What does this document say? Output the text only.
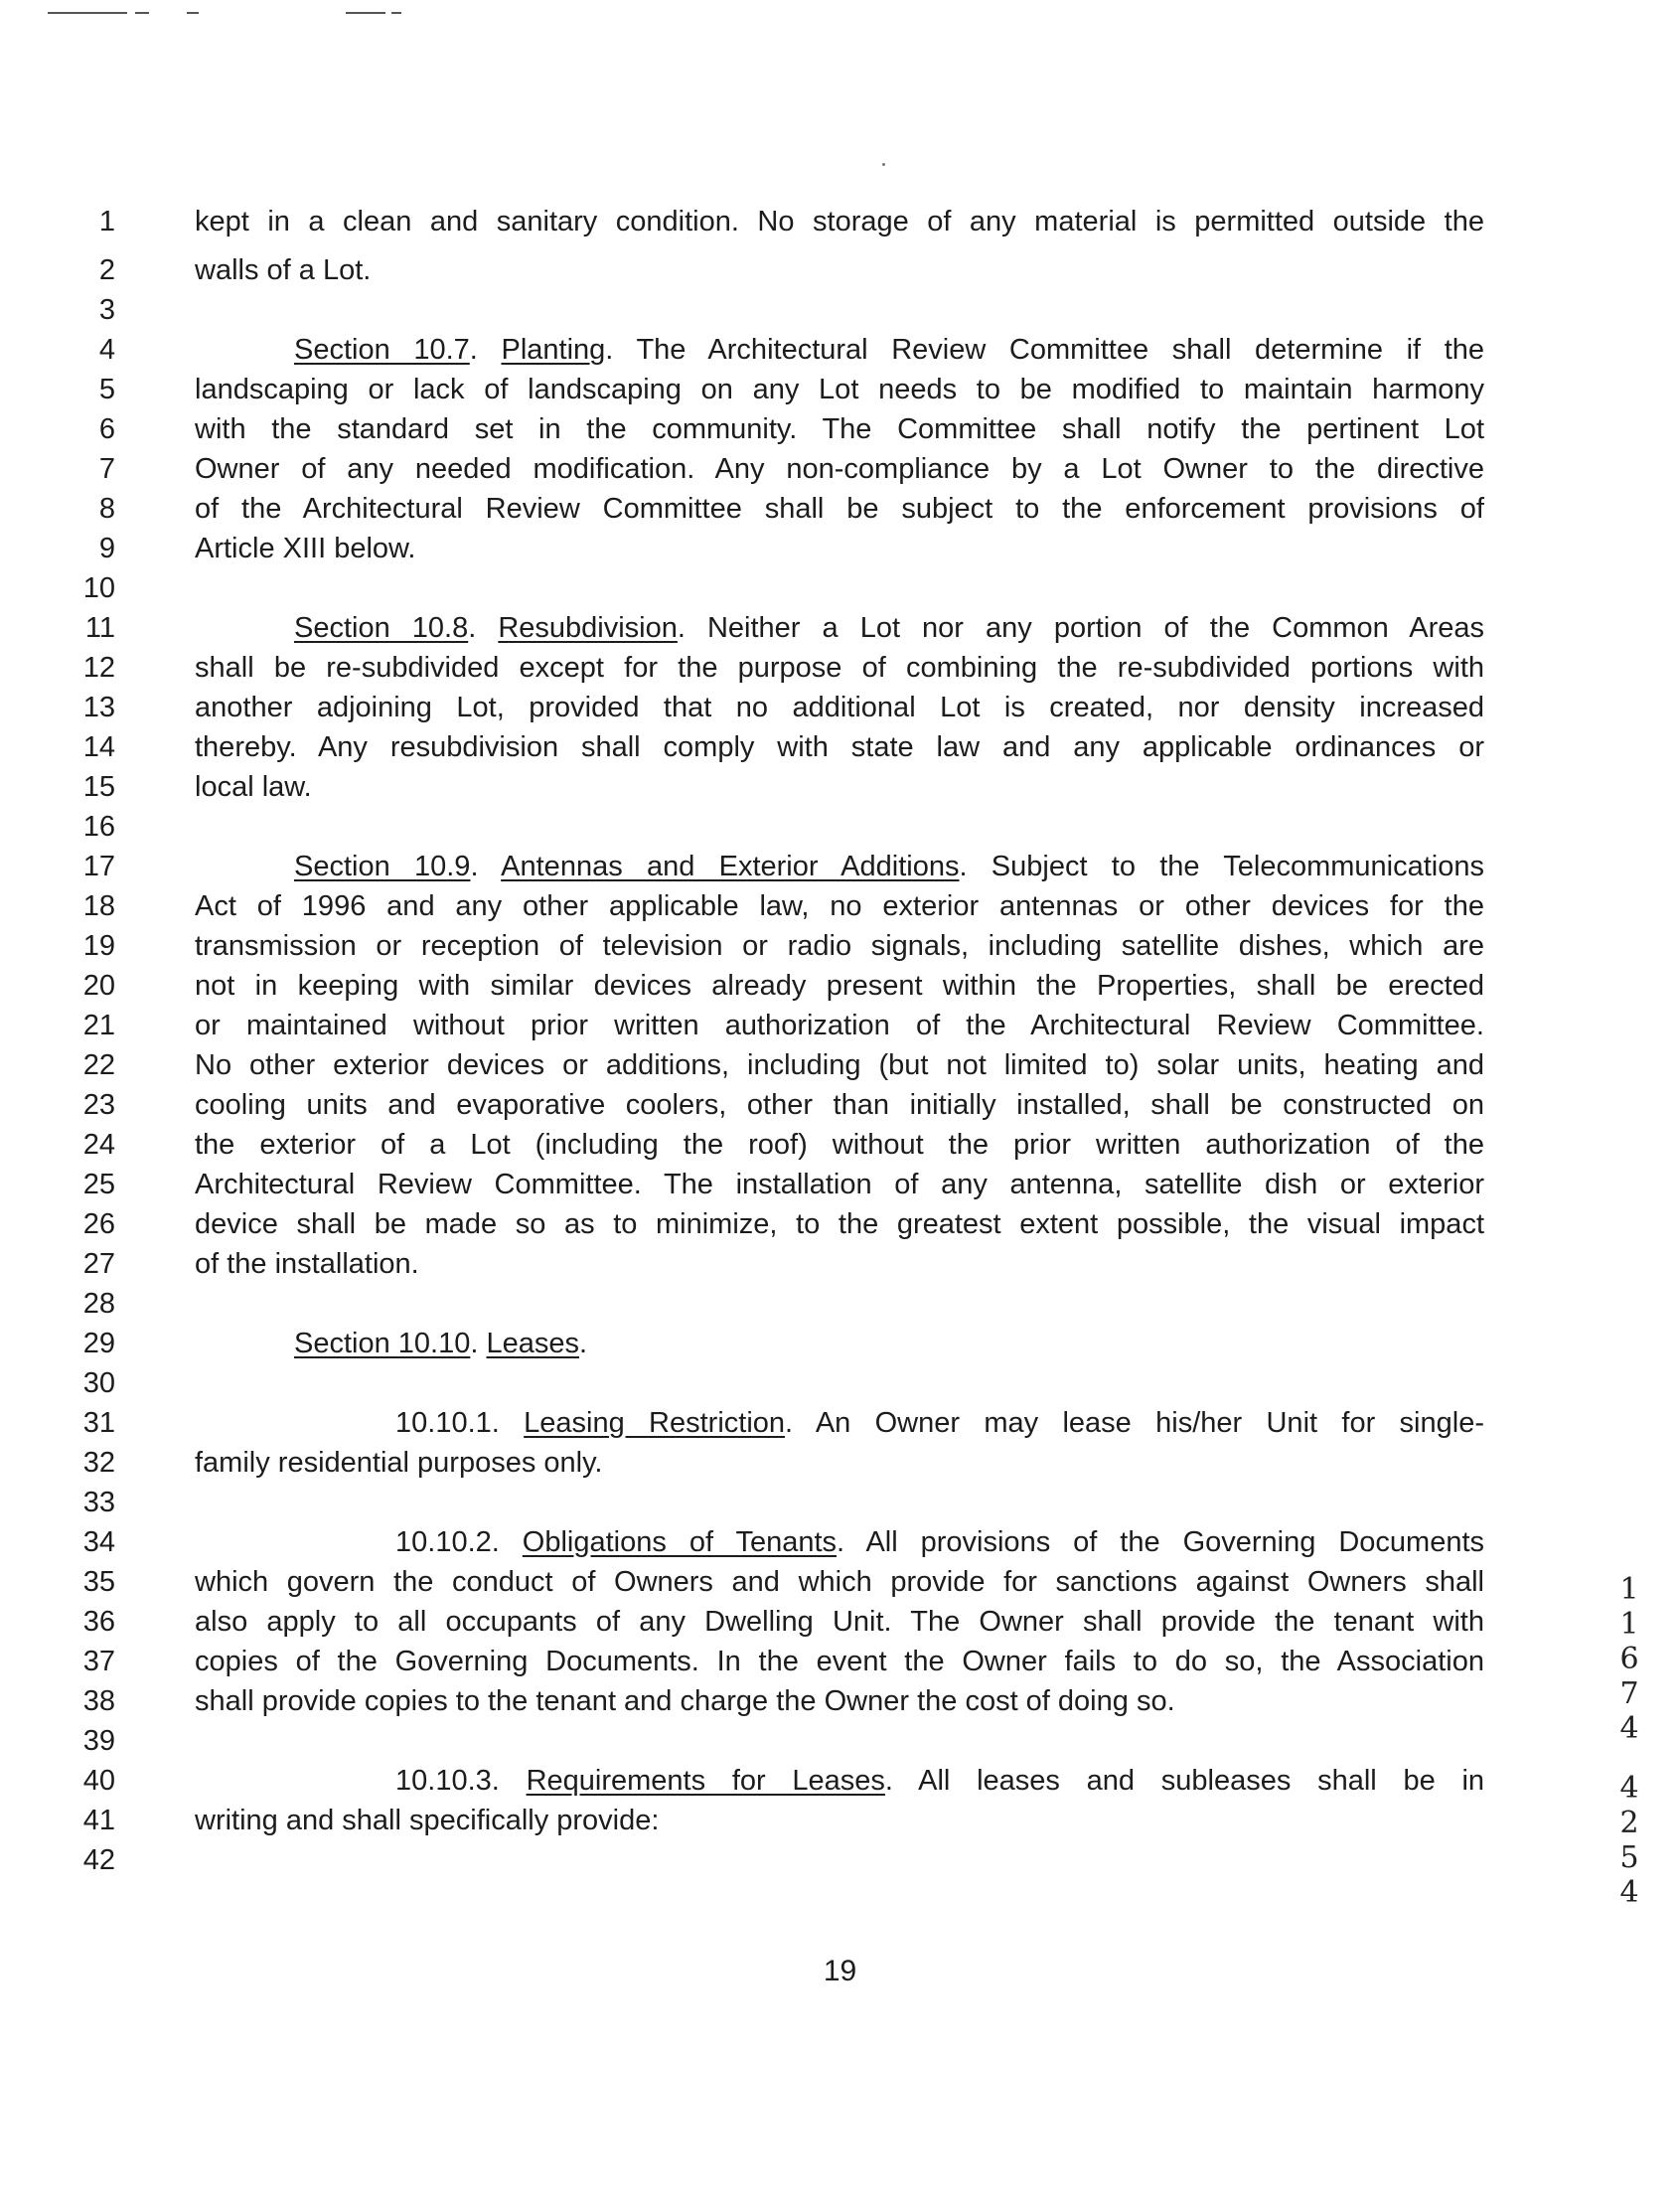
1
2
3
4
5
6
7
8
9
10
11
12
13
14
15
16
17
18
19
20
21
22
23
24
25
26
27
28
29
30
31
32
33
34
35
36
37
38
39
40
41
42
kept in a clean and sanitary condition. No storage of any material is permitted outside the
walls of a Lot.
Section 10.7. Planting. The Architectural Review Committee shall determine if the
landscaping or lack of landscaping on any Lot needs to be modified to maintain harmony
with the standard set in the community. The Committee shall notify the pertinent Lot
Owner of any needed modification. Any non-compliance by a Lot Owner to the directive
of the Architectural Review Committee shall be subject to the enforcement provisions of
Article XIII below.
Section 10.8. Resubdivision. Neither a Lot nor any portion of the Common Areas
shall be re-subdivided except for the purpose of combining the re-subdivided portions with
another adjoining Lot, provided that no additional Lot is created, nor density increased
thereby. Any resubdivision shall comply with state law and any applicable ordinances or
local law.
Section 10.9. Antennas and Exterior Additions. Subject to the Telecommunications
Act of 1996 and any other applicable law, no exterior antennas or other devices for the
transmission or reception of television or radio signals, including satellite dishes, which are
not in keeping with similar devices already present within the Properties, shall be erected
or maintained without prior written authorization of the Architectural Review Committee.
No other exterior devices or additions, including (but not limited to) solar units, heating and
cooling units and evaporative coolers, other than initially installed, shall be constructed on
the exterior of a Lot (including the roof) without the prior written authorization of the
Architectural Review Committee. The installation of any antenna, satellite dish or exterior
device shall be made so as to minimize, to the greatest extent possible, the visual impact
of the installation.
Section 10.10. Leases.
10.10.1. Leasing Restriction. An Owner may lease his/her Unit for single-
family residential purposes only.
10.10.2. Obligations of Tenants. All provisions of the Governing Documents
which govern the conduct of Owners and which provide for sanctions against Owners shall
also apply to all occupants of any Dwelling Unit. The Owner shall provide the tenant with
copies of the Governing Documents. In the event the Owner fails to do so, the Association
shall provide copies to the tenant and charge the Owner the cost of doing so.
10.10.3. Requirements for Leases. All leases and subleases shall be in
writing and shall specifically provide:
19
1
1
6
7
4
4
2
5
4
